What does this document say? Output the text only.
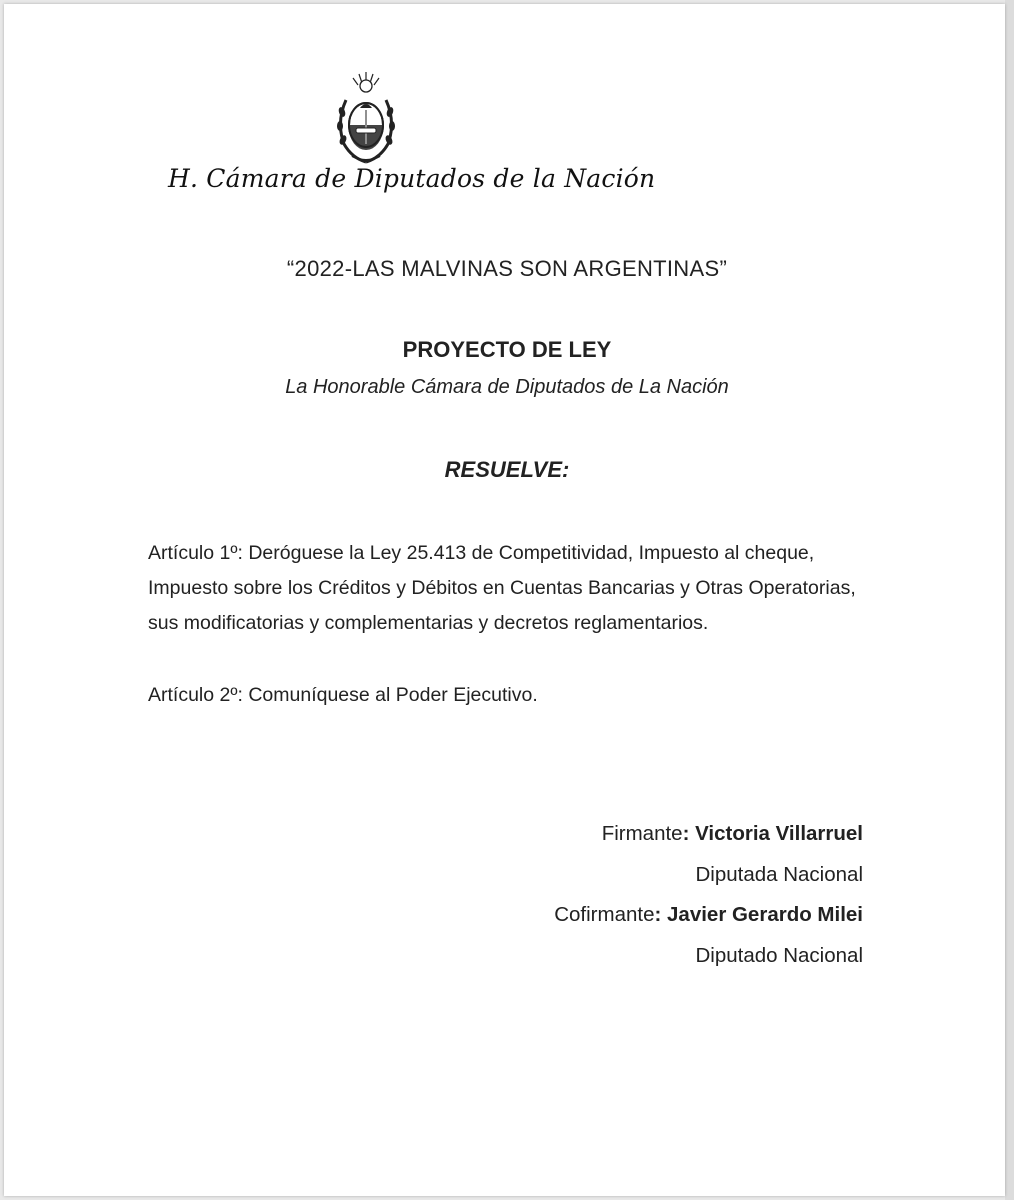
H. Cámara de Diputados de la Nación
“2022-LAS MALVINAS SON ARGENTINAS”
PROYECTO DE LEY
La Honorable Cámara de Diputados de La Nación
RESUELVE:
Artículo 1º: Deróguese la Ley 25.413 de Competitividad, Impuesto al cheque, Impuesto sobre los Créditos y Débitos en Cuentas Bancarias y Otras Operatorias, sus modificatorias y complementarias y decretos reglamentarios.
Artículo 2º: Comuníquese al Poder Ejecutivo.
Firmante: Victoria Villarruel
Diputada Nacional
Cofirmante: Javier Gerardo Milei
Diputado Nacional
